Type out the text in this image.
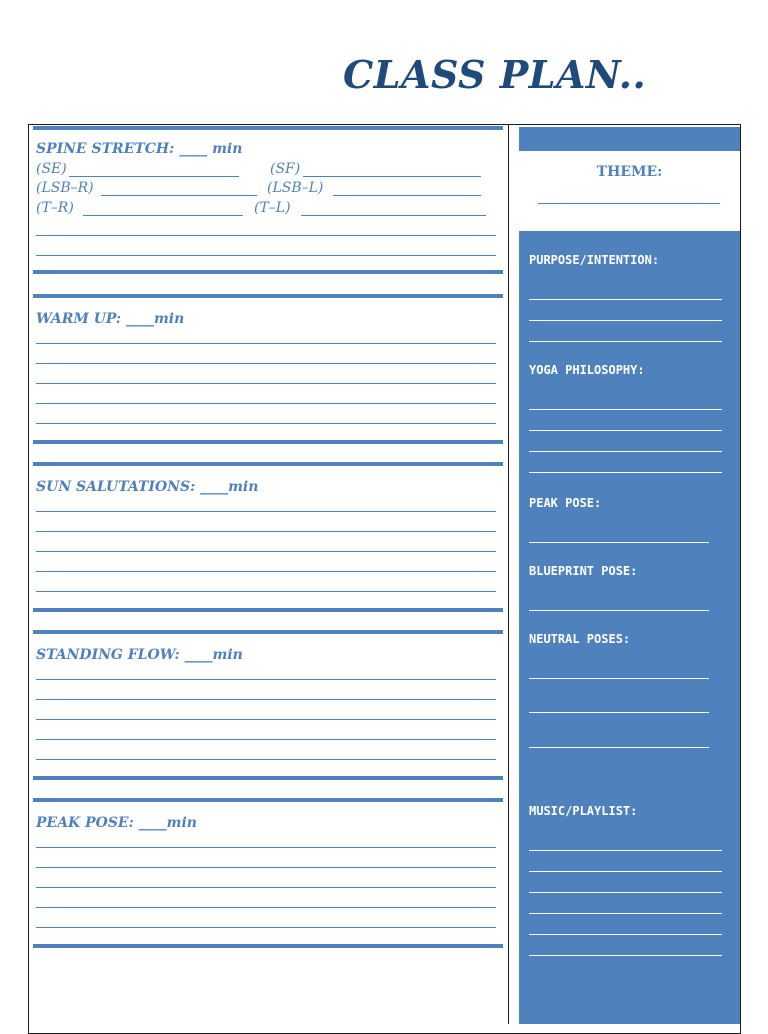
CLASS PLAN..
SPINE STRETCH: ____ min
(SE)	(SF)
(LSB–R)	(LSB–L)
(T–R)	(T–L)
WARM UP: ____min
SUN SALUTATIONS: ____min
STANDING FLOW: ____min
PEAK POSE: ____min
THEME:
PURPOSE/INTENTION:
YOGA PHILOSOPHY:
PEAK POSE:
BLUEPRINT POSE:
NEUTRAL POSES:
MUSIC/PLAYLIST:
